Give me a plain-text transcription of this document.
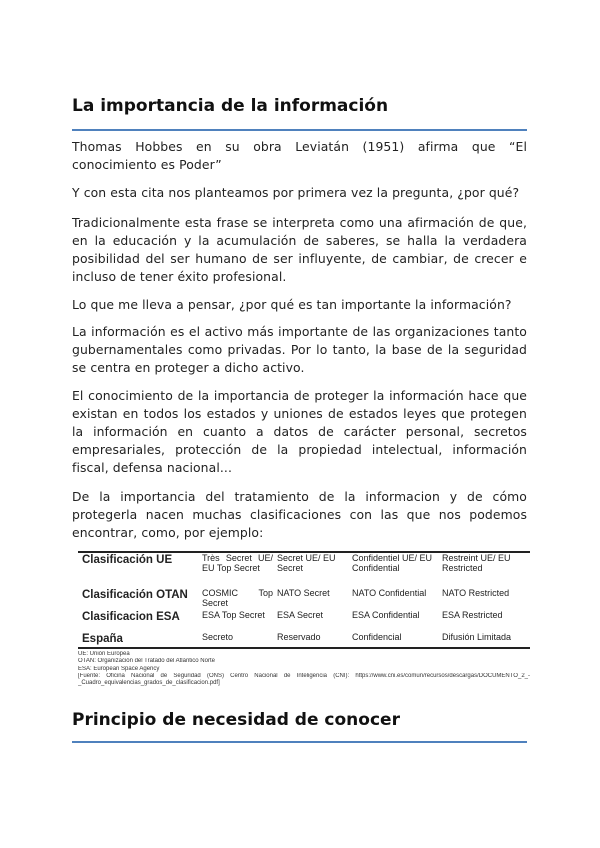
La importancia de la información

Thomas Hobbes en su obra Leviatán (1951) afirma que “El conocimiento es Poder”

Y con esta cita nos planteamos por primera vez la pregunta, ¿por qué?

Tradicionalmente esta frase se interpreta como una afirmación de que, en la educación y la acumulación de saberes, se halla la verdadera posibilidad del ser humano de ser influyente, de cambiar, de crecer e incluso de tener éxito profesional.

Lo que me lleva a pensar, ¿por qué es tan importante la información?

La información es el activo más importante de las organizaciones tanto gubernamentales como privadas. Por lo tanto, la base de la seguridad se centra en proteger a dicho activo.

El conocimiento de la importancia de proteger la información hace que existan en todos los estados y uniones de estados leyes que protegen la información en cuanto a datos de carácter personal, secretos empresariales, protección de la propiedad intelectual, información fiscal, defensa nacional...

De la importancia del tratamiento de la informacion y de cómo protegerla nacen muchas clasificaciones con las que nos podemos encontrar, como, por ejemplo:

Clasificación UE	Très Secret UE/ EU Top Secret	Secret UE/ EU Secret	Confidentiel UE/ EU Confidential	Restreint UE/ EU Restricted
Clasificación OTAN	COSMIC Top Secret	NATO Secret	NATO Confidential	NATO Restricted
Clasificacion ESA	ESA Top Secret	ESA Secret	ESA Confidential	ESA Restricted
España	Secreto	Reservado	Confidencial	Difusión Limitada
UE: Unión Europea
OTAN: Organización del Tratado del Atlántico Norte
ESA: European Space Agency
[Fuente: Oficina Nacional de Seguridad (ONS) Centro Nacional de Inteligencia (CNI): https://www.cni.es/comun/recursos/descargas/DOCUMENTO_2_-_Cuadro_equivalencias_grados_de_clasificacion.pdf]
Principio de necesidad de conocer
